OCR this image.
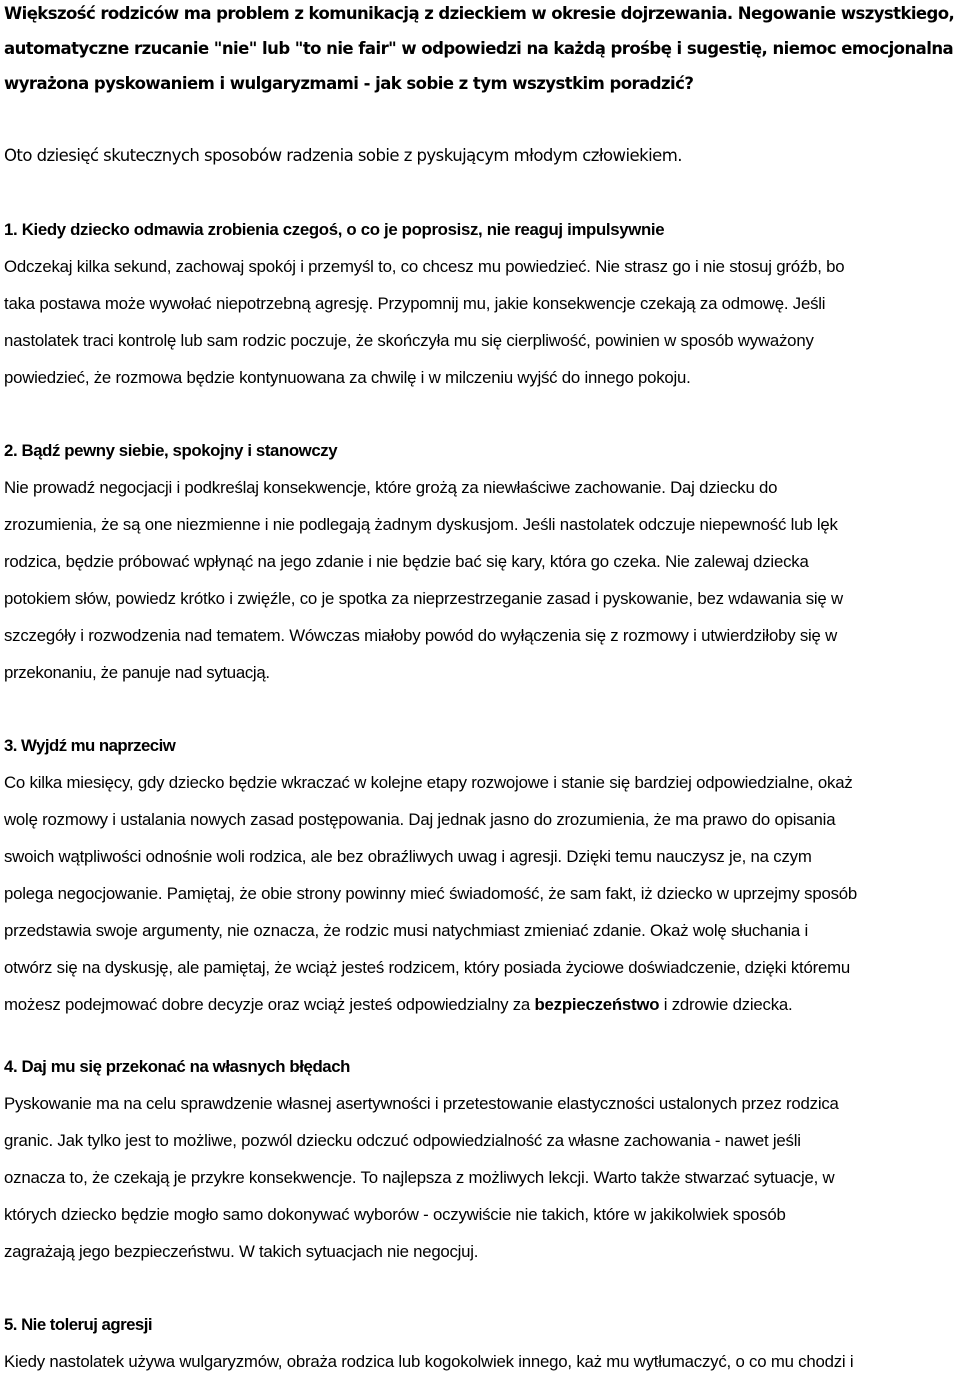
Większość rodziców ma problem z komunikacją z dzieckiem w okresie dojrzewania. Negowanie wszystkiego,
automatyczne rzucanie "nie" lub "to nie fair" w odpowiedzi na każdą prośbę i sugestię, niemoc emocjonalna
wyrażona pyskowaniem i wulgaryzmami - jak sobie z tym wszystkim poradzić?

Oto dziesięć skutecznych sposobów radzenia sobie z pyskującym młodym człowiekiem.

1. Kiedy dziecko odmawia zrobienia czegoś, o co je poprosisz, nie reaguj impulsywnie

Odczekaj kilka sekund, zachowaj spokój i przemyśl to, co chcesz mu powiedzieć. Nie strasz go i nie stosuj gróźb, bo
taka postawa może wywołać niepotrzebną agresję. Przypomnij mu, jakie konsekwencje czekają za odmowę. Jeśli
nastolatek traci kontrolę lub sam rodzic poczuje, że skończyła mu się cierpliwość, powinien w sposób wyważony
powiedzieć, że rozmowa będzie kontynuowana za chwilę i w milczeniu wyjść do innego pokoju.

2. Bądź pewny siebie, spokojny i stanowczy

Nie prowadź negocjacji i podkreślaj konsekwencje, które grożą za niewłaściwe zachowanie. Daj dziecku do
zrozumienia, że są one niezmienne i nie podlegają żadnym dyskusjom. Jeśli nastolatek odczuje niepewność lub lęk
rodzica, będzie próbować wpłynąć na jego zdanie i nie będzie bać się kary, która go czeka. Nie zalewaj dziecka
potokiem słów, powiedz krótko i zwięźle, co je spotka za nieprzestrzeganie zasad i pyskowanie, bez wdawania się w
szczegóły i rozwodzenia nad tematem. Wówczas miałoby powód do wyłączenia się z rozmowy i utwierdziłoby się w
przekonaniu, że panuje nad sytuacją.

3. Wyjdź mu naprzeciw

Co kilka miesięcy, gdy dziecko będzie wkraczać w kolejne etapy rozwojowe i stanie się bardziej odpowiedzialne, okaż
wolę rozmowy i ustalania nowych zasad postępowania. Daj jednak jasno do zrozumienia, że ma prawo do opisania
swoich wątpliwości odnośnie woli rodzica, ale bez obraźliwych uwag i agresji. Dzięki temu nauczysz je, na czym
polega negocjowanie. Pamiętaj, że obie strony powinny mieć świadomość, że sam fakt, iż dziecko w uprzejmy sposób
przedstawia swoje argumenty, nie oznacza, że rodzic musi natychmiast zmieniać zdanie. Okaż wolę słuchania i
otwórz się na dyskusję, ale pamiętaj, że wciąż jesteś rodzicem, który posiada życiowe doświadczenie, dzięki któremu
możesz podejmować dobre decyzje oraz wciąż jesteś odpowiedzialny za bezpieczeństwo i zdrowie dziecka.

4. Daj mu się przekonać na własnych błędach

Pyskowanie ma na celu sprawdzenie własnej asertywności i przetestowanie elastyczności ustalonych przez rodzica
granic. Jak tylko jest to możliwe, pozwól dziecku odczuć odpowiedzialność za własne zachowania - nawet jeśli
oznacza to, że czekają je przykre konsekwencje. To najlepsza z możliwych lekcji. Warto także stwarzać sytuacje, w
których dziecko będzie mogło samo dokonywać wyborów - oczywiście nie takich, które w jakikolwiek sposób
zagrażają jego bezpieczeństwu. W takich sytuacjach nie negocjuj.

5. Nie toleruj agresji

Kiedy nastolatek używa wulgaryzmów, obraża rodzica lub kogokolwiek innego, każ mu wytłumaczyć, o co mu chodzi i
